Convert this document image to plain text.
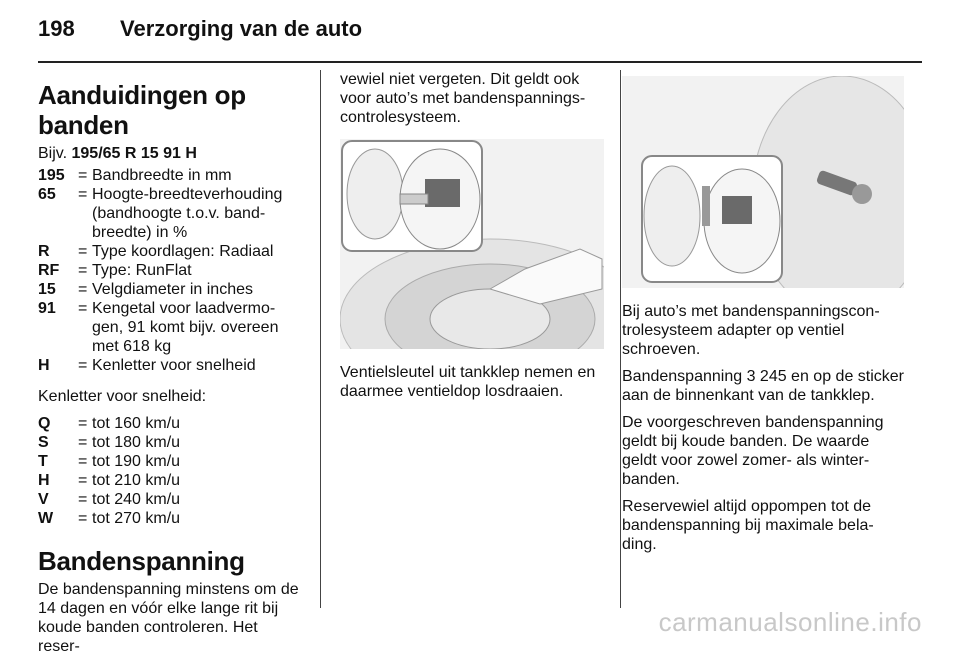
198	Verzorging van de auto
Aanduidingen op banden
Bijv. 195/65 R 15 91 H
195 = Bandbreedte in mm
65	= Hoogte-breedteverhouding (bandhoogte t.o.v. band-breedte) in %
R	= Type koordlagen: Radiaal
RF	= Type: RunFlat
15	= Velgdiameter in inches
91	= Kengetal voor laadvermo-gen, 91 komt bijv. overeen met 618 kg
H	= Kenletter voor snelheid

Kenletter voor snelheid:

Q	= tot 160 km/u
S	= tot 180 km/u
T	= tot 190 km/u
H	= tot 210 km/u
V	= tot 240 km/u
W	= tot 270 km/u
Bandenspanning

De bandenspanning minstens om de 14 dagen en vóór elke lange rit bij koude banden controleren. Het reser-

vewiel niet vergeten. Dit geldt ook voor auto’s met bandenspannings-controlesysteem.

Ventielsleutel uit tankklep nemen en daarmee ventieldop losdraaien.

Bij auto’s met bandenspanningscon-trolesysteem adapter op ventiel schroeven.

Bandenspanning 3 245 en op de sticker aan de binnenkant van de tankklep.

De voorgeschreven bandenspanning geldt bij koude banden. De waarde geldt voor zowel zomer- als winter-banden.

Reservewiel altijd oppompen tot de bandenspanning bij maximale bela-ding.

carmanualsonline.info
